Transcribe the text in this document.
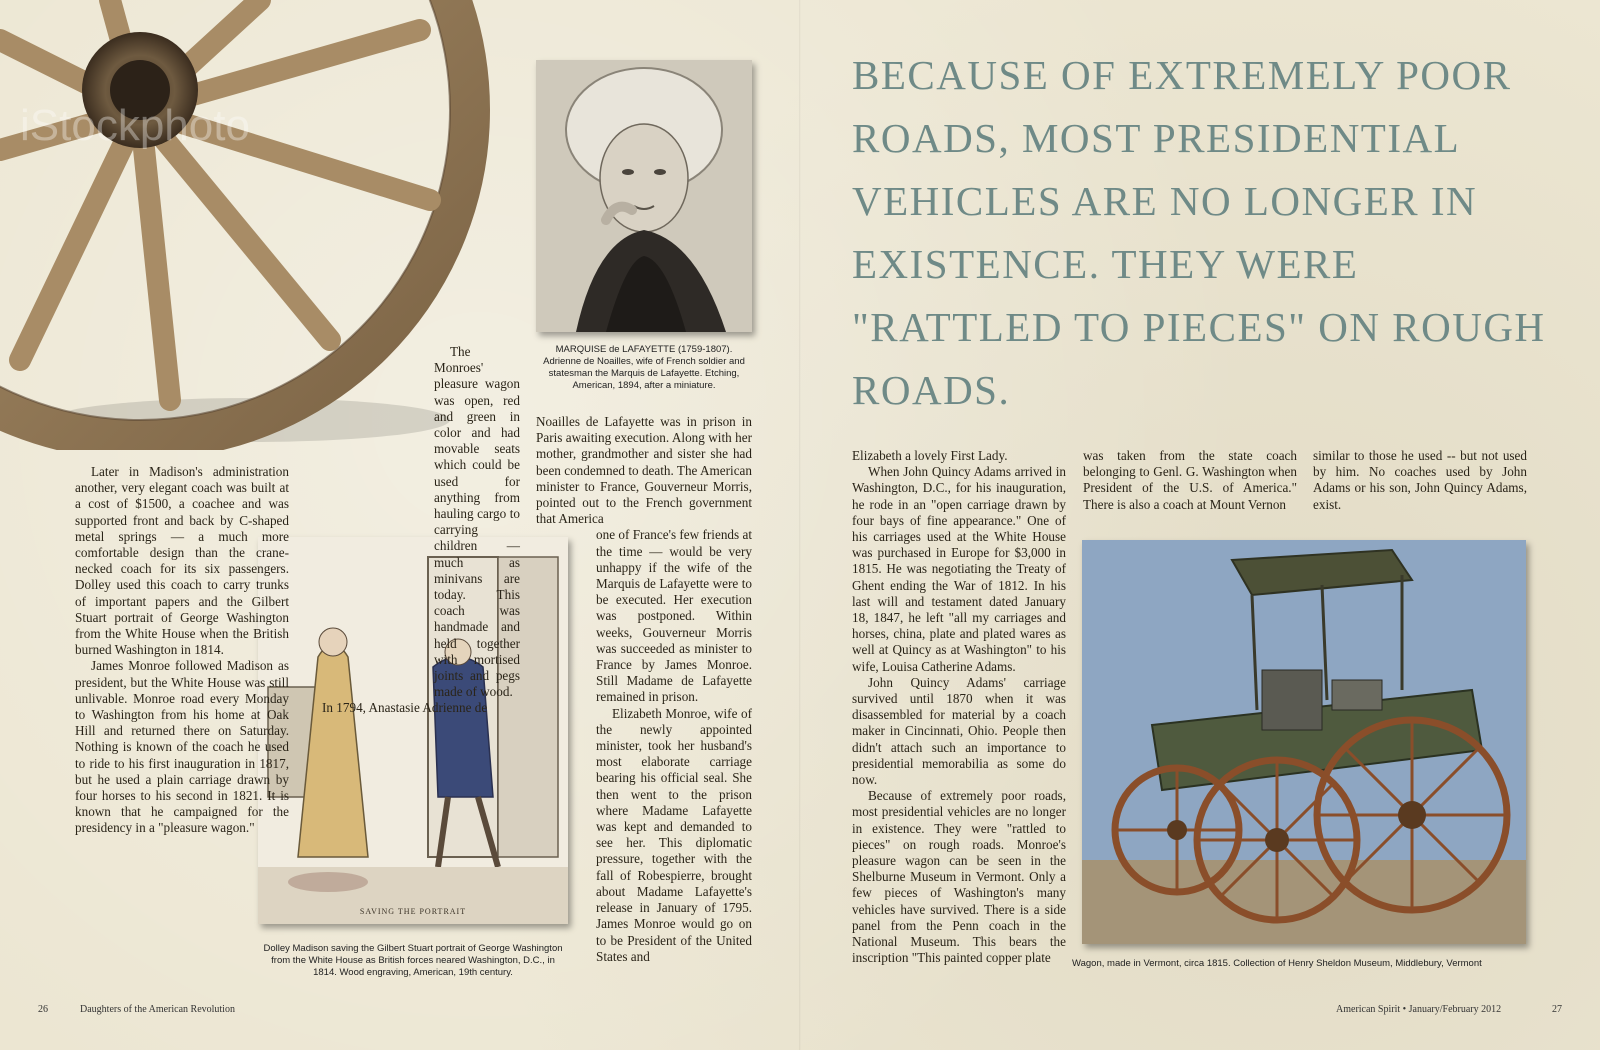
iStockphoto
MARQUISE de LAFAYETTE (1759-1807). Adrienne de Noailles, wife of French soldier and statesman the Marquis de Lafayette. Etching, American, 1894, after a miniature.
SAVING THE PORTRAIT
Dolley Madison saving the Gilbert Stuart portrait of George Washington from the White House as British forces neared Washington, D.C., in 1814. Wood engraving, American, 19th century.

Later in Madison's administration another, very elegant coach was built at a cost of $1500, a coachee and was supported front and back by C-shaped metal springs — a much more comfortable design than the crane-necked coach for its six passengers. Dolley used this coach to carry trunks of important papers and the Gilbert Stuart portrait of George Washington from the White House when the British burned Washington in 1814.

James Monroe followed Madison as president, but the White House was still unlivable. Monroe road every Monday to Washington from his home at Oak Hill and returned there on Saturday. Nothing is known of the coach he used to ride to his first inauguration in 1817, but he used a plain carriage drawn by four horses to his second in 1821. It is known that he campaigned for the presidency in a "pleasure wagon."

The Monroes' pleasure wagon was open, red and green in color and had movable seats which could be used for anything from hauling cargo to carrying children — much as minivans are today. This coach was handmade and held together with mortised joints and pegs made of wood.

In 1794, Anastasie Adrienne de

Noailles de Lafayette was in prison in Paris awaiting execution. Along with her mother, grandmother and sister she had been condemned to death. The American minister to France, Gouverneur Morris, pointed out to the French government that America

one of France's few friends at the time — would be very unhappy if the wife of the Marquis de Lafayette were to be executed. Her execution was postponed. Within weeks, Gouverneur Morris was succeeded as minister to France by James Monroe. Still Madame de Lafayette remained in prison.

Elizabeth Monroe, wife of the newly appointed minister, took her husband's most elaborate carriage bearing his official seal. She then went to the prison where Madame Lafayette was kept and demanded to see her. This diplomatic pressure, together with the fall of Robespierre, brought about Madame Lafayette's release in January of 1795. James Monroe would go on to be President of the United States and

26	Daughters of the American Revolution
BECAUSE OF EXTREMELY POOR ROADS, MOST PRESIDENTIAL VEHICLES ARE NO LONGER IN EXISTENCE. THEY WERE "RATTLED TO PIECES" ON ROUGH ROADS.

Elizabeth a lovely First Lady.

When John Quincy Adams arrived in Washington, D.C., for his inauguration, he rode in an "open carriage drawn by four bays of fine appearance." One of his carriages used at the White House was purchased in Europe for $3,000 in 1815. He was negotiating the Treaty of Ghent ending the War of 1812. In his last will and testament dated January 18, 1847, he left "all my carriages and horses, china, plate and plated wares as well at Quincy as at Washington" to his wife, Louisa Catherine Adams.

John Quincy Adams' carriage survived until 1870 when it was disassembled for material by a coach maker in Cincinnati, Ohio. People then didn't attach such an importance to presidential memorabilia as some do now.

Because of extremely poor roads, most presidential vehicles are no longer in existence. They were "rattled to pieces" on rough roads. Monroe's pleasure wagon can be seen in the Shelburne Museum in Vermont. Only a few pieces of Washington's many vehicles have survived. There is a side panel from the Penn coach in the National Museum. This bears the inscription "This painted copper plate

was taken from the state coach belonging to Genl. G. Washington when President of the U.S. of America." There is also a coach at Mount Vernon

similar to those he used -- but not used by him. No coaches used by John Adams or his son, John Quincy Adams, exist.

Wagon, made in Vermont, circa 1815. Collection of Henry Sheldon Museum, Middlebury, Vermont
American Spirit • January/February 2012	27
